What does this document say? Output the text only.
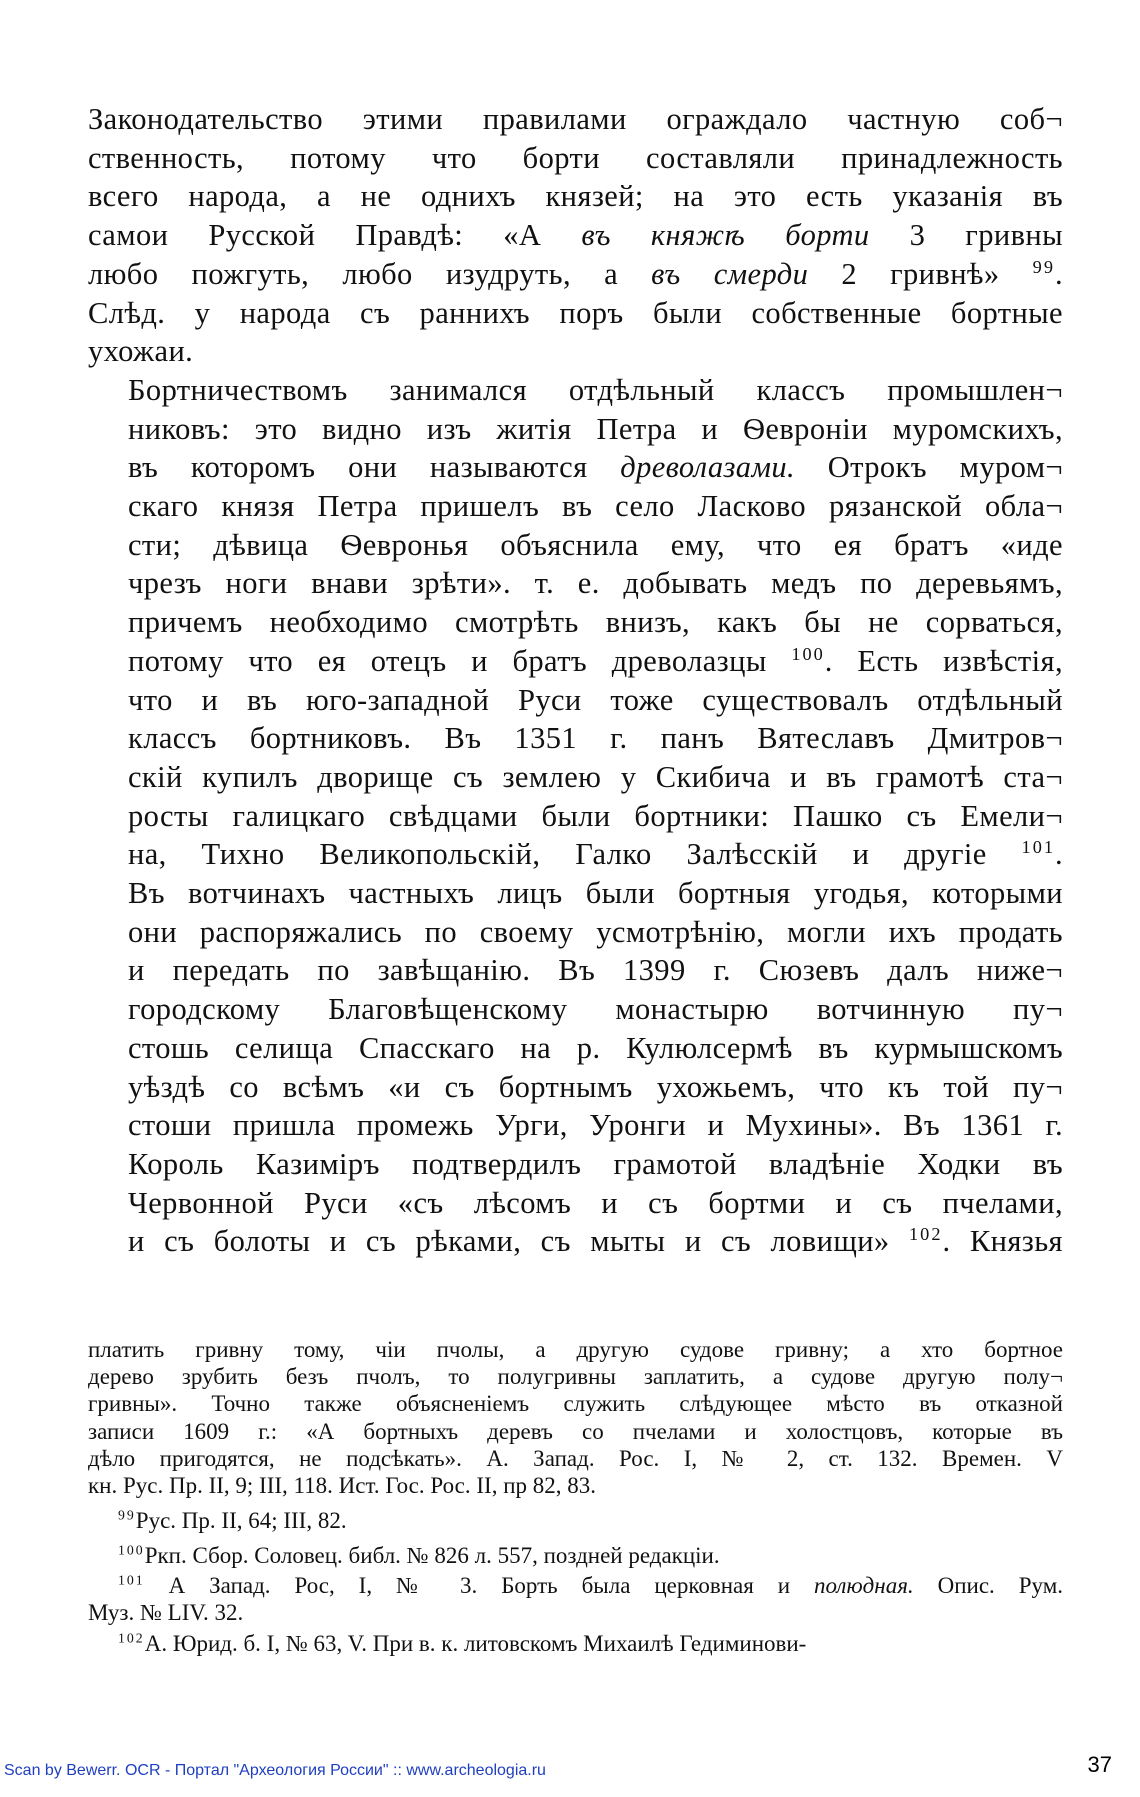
Законодательство этими правилами ограждало частную соб¬
ственность, потому что борти составляли принадлежность
всего народа, а не однихъ князей; на это есть указанія въ
самои Русской Правдѣ: «А въ княжѣ борти 3 гривны
любо пожгуть, любо изудруть, а въ смерди 2 гривнѣ» $^{99}$.
Слѣд. у народа съ раннихъ поръ были собственные бортные
ухожаи.

Бортничествомъ занимался отдѣльный классъ промышлен¬
никовъ: это видно изъ житія Петра и Ѳевроніи муромскихъ,
въ которомъ они называются древолазами. Отрокъ муром¬
скаго князя Петра пришелъ въ село Ласково рязанской обла¬
сти; дѣвица Ѳевронья объяснила ему, что ея братъ «иде
чрезъ ноги внави зрѣти». т. е. добывать медъ по деревьямъ,
причемъ необходимо смотрѣть внизъ, какъ бы не сорваться,
потому что ея отецъ и братъ древолазцы $^{100}$. Есть извѣстія,
что и въ юго-западной Руси тоже существовалъ отдѣльный
классъ бортниковъ. Въ 1351 г. панъ Вятеславъ Дмитров¬
скій купилъ дворище съ землею у Скибича и въ грамотѣ ста¬
росты галицкаго свѣдцами были бортники: Пашко съ Емели¬
на, Тихно Великопольскій, Галко Залѣсскій и другіе $^{101}$.
Въ вотчинахъ частныхъ лицъ были бортныя угодья, которыми
они распоряжались по своему усмотрѣнію, могли ихъ продать
и передать по завѣщанію. Въ 1399 г. Сюзевъ далъ ниже¬
городскому Благовѣщенскому монастырю вотчинную пу¬
стошь селища Спасскаго на р. Кулюлсермѣ въ курмышскомъ
уѣздѣ со всѣмъ «и съ бортнымъ ухожьемъ, что къ той пу¬
стоши пришла промежь Урги, Уронги и Мухины». Въ 1361 г.
Король Казиміръ подтвердилъ грамотой владѣніе Ходки въ
Червонной Руси «съ лѣсомъ и съ бортми и съ пчелами,
и съ болоты и съ рѣками, съ мыты и съ ловищи» $^{102}$. Князья

платить гривну тому, чіи пчолы, а другую судове гривну; а хто бортное
дерево зрубить безъ пчолъ, то полугривны заплатить, а судове другую полу¬
гривны». Точно также объясненіемъ служить слѣдующее мѣсто въ отказной
записи 1609 г.: «А бортныхъ деревъ со пчелами и холостцовъ, которые въ
дѣло пригодятся, не подсѣкать». А. Запад. Рос. I, № 2, ст. 132. Времен. V
кн. Рус. Пр. II, 9; III, 118. Ист. Гос. Рос. II, пр 82, 83.

$^{99}$Рус. Пр. II, 64; III, 82.

$^{100}$Ркп. Сбор. Соловец. библ. № 826 л. 557, поздней редакціи.

$^{101}$ А Запад. Рос, I, № 3. Борть была церковная и полюдная. Опис. Рум.
Муз. № LIV. 32.

$^{102}$А. Юрид. б. I, № 63, V. При в. к. литовскомъ Михаилѣ Гедиминови-

Scan by Bewerr. OCR - Портал "Археология России" :: www.archeologia.ru	37
